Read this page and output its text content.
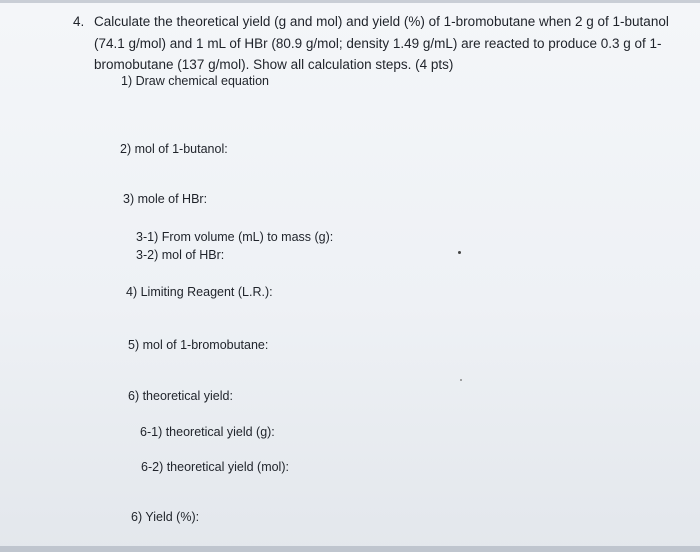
4. Calculate the theoretical yield (g and mol) and yield (%) of 1-bromobutane when 2 g of 1-butanol
(74.1 g/mol) and 1 mL of HBr (80.9 g/mol; density 1.49 g/mL) are reacted to produce 0.3 g of 1-
bromobutane (137 g/mol). Show all calculation steps. (4 pts)
1) Draw chemical equation
2) mol of 1-butanol:
3) mole of HBr:
3-1) From volume (mL) to mass (g):
3-2) mol of HBr:
4) Limiting Reagent (L.R.):
5) mol of 1-bromobutane:
6) theoretical yield:
6-1) theoretical yield (g):
6-2) theoretical yield (mol):
6) Yield (%):
